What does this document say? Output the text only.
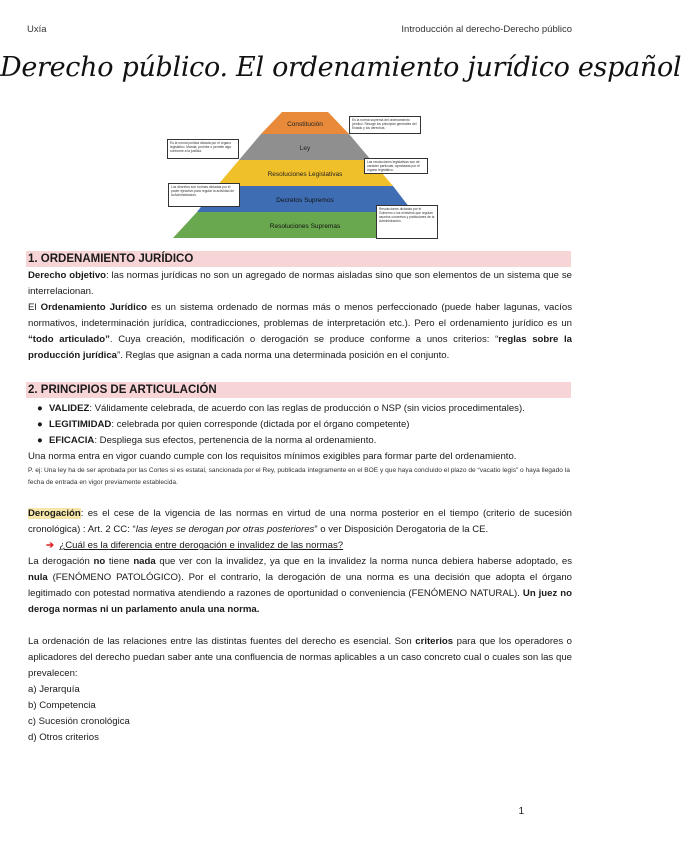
Uxía	Introducción al derecho-Derecho público
Derecho público. El ordenamiento jurídico español
Constitución
Ley
Resoluciones Legislativas
Decretos Supremos
Resoluciones Supremas
Es la norma suprema del ordenamiento jurídico. Recoge los principios generales del Estado y los derechos.
Es la norma jurídica dictada por el órgano legislativo. Manda, prohíbe o permite algo conforme a la justicia.
Las resoluciones legislativas son de carácter particular, aprobadas por el órgano legislativo.
Los decretos son normas dictadas por el poder ejecutivo para regular la actividad de la Administración.
Resoluciones dictadas por el Gobierno o los ministros que regulan asuntos concretos y particulares de la Administración.
1. ORDENAMIENTO JURÍDICO
Derecho objetivo: las normas jurídicas no son un agregado de normas aisladas sino que son elementos de un sistema que se interrelacionan.
El Ordenamiento Jurídico es un sistema ordenado de normas más o menos perfeccionado (puede haber lagunas, vacíos normativos, indeterminación jurídica, contradicciones, problemas de interpretación etc.). Pero el ordenamiento jurídico es un “todo articulado”. Cuya creación, modificación o derogación se produce conforme a unos criterios: “reglas sobre la producción jurídica”. Reglas que asignan a cada norma una determinada posición en el conjunto.
2. PRINCIPIOS DE ARTICULACIÓN
● VALIDEZ: Válidamente celebrada, de acuerdo con las reglas de producción o NSP (sin vicios procedimentales).
● LEGITIMIDAD: celebrada por quien corresponde (dictada por el órgano competente)
● EFICACIA: Despliega sus efectos, pertenencia de la norma al ordenamiento.
Una norma entra en vigor cuando cumple con los requisitos mínimos exigibles para formar parte del ordenamiento.
P. ej: Una ley ha de ser aprobada por las Cortes si es estatal, sancionada por el Rey, publicada íntegramente en el BOE y que haya concluido el plazo de “vacatio legis” o haya llegado la fecha de entrada en vigor previamente establecida.
Derogación: es el cese de la vigencia de las normas en virtud de una norma posterior en el tiempo (criterio de sucesión cronológica) : Art. 2 CC: “las leyes se derogan por otras posteriores” o ver Disposición Derogatoria de la CE.
➔ ¿Cuál es la diferencia entre derogación e invalidez de las normas?
La derogación no tiene nada que ver con la invalidez, ya que en la invalidez la norma nunca debiera haberse adoptado, es nula (FENÓMENO PATOLÓGICO). Por el contrario, la derogación de una norma es una decisión que adopta el órgano legitimado con potestad normativa atendiendo a razones de oportunidad o conveniencia (FENÓMENO NATURAL). Un juez no deroga normas ni un parlamento anula una norma.
La ordenación de las relaciones entre las distintas fuentes del derecho es esencial. Son criterios para que los operadores o aplicadores del derecho puedan saber ante una confluencia de normas aplicables a un caso concreto cual o cuales son las que prevalecen:
a) Jerarquía
b) Competencia
c) Sucesión cronológica
d) Otros criterios
1
